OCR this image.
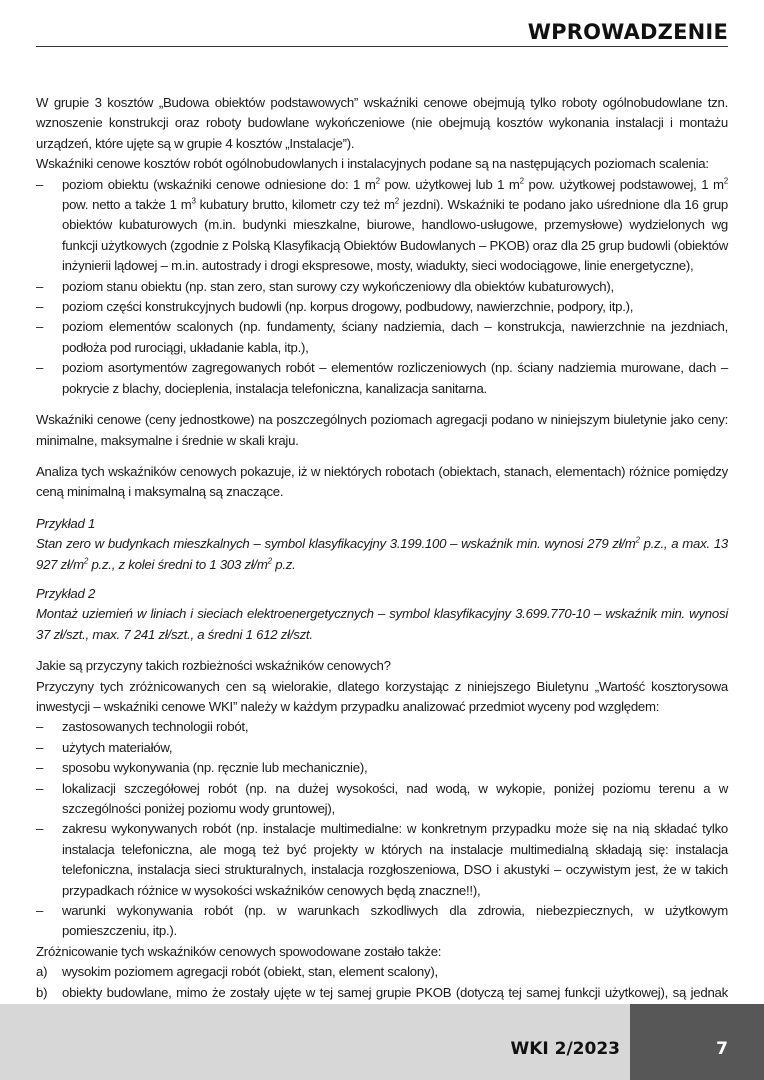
WPROWADZENIE

W grupie 3 kosztów „Budowa obiektów podstawowych” wskaźniki cenowe obejmują tylko roboty ogólnobudowlane tzn. wznoszenie konstrukcji oraz roboty budowlane wykończeniowe (nie obejmują kosztów wykonania instalacji i montażu urządzeń, które ujęte są w grupie 4 kosztów „Instalacje”).

Wskaźniki cenowe kosztów robót ogólnobudowlanych i instalacyjnych podane są na następujących poziomach scalenia:

– poziom obiektu (wskaźniki cenowe odniesione do: 1 $m^2$ pow. użytkowej lub 1 $m^2$ pow. użytkowej podstawowej, 1 $m^2$ pow. netto a także 1 $m^3$ kubatury brutto, kilometr czy też $m^2$ jezdni). Wskaźniki te podano jako uśrednione dla 16 grup obiektów kubaturowych (m.in. budynki mieszkalne, biurowe, handlowo-usługowe, przemysłowe) wydzielonych wg funkcji użytkowych (zgodnie z Polską Klasyfikacją Obiektów Budowlanych – PKOB) oraz dla 25 grup budowli (obiektów inżynierii lądowej – m.in. autostrady i drogi ekspresowe, mosty, wiadukty, sieci wodociągowe, linie energetyczne),
– poziom stanu obiektu (np. stan zero, stan surowy czy wykończeniowy dla obiektów kubaturowych),
– poziom części konstrukcyjnych budowli (np. korpus drogowy, podbudowy, nawierzchnie, podpory, itp.),
– poziom elementów scalonych (np. fundamenty, ściany nadziemia, dach – konstrukcja, nawierzchnie na jezdniach, podłoża pod rurociągi, układanie kabla, itp.),
– poziom asortymentów zagregowanych robót – elementów rozliczeniowych (np. ściany nadziemia murowane, dach – pokrycie z blachy, docieplenia, instalacja telefoniczna, kanalizacja sanitarna.

Wskaźniki cenowe (ceny jednostkowe) na poszczególnych poziomach agregacji podano w niniejszym biuletynie jako ceny: minimalne, maksymalne i średnie w skali kraju.

Analiza tych wskaźników cenowych pokazuje, iż w niektórych robotach (obiektach, stanach, elementach) różnice pomiędzy ceną minimalną i maksymalną są znaczące.

Przykład 1

Stan zero w budynkach mieszkalnych – symbol klasyfikacyjny 3.199.100 – wskaźnik min. wynosi 279 $zł/m^2$ p.z., a max. 13 927 $zł/m^2$ p.z., z kolei średni to 1 303 $zł/m^2$ p.z.

Przykład 2

Montaż uziemień w liniach i sieciach elektroenergetycznych – symbol klasyfikacyjny 3.699.770-10 – wskaźnik min. wynosi 37 zł/szt., max. 7 241 zł/szt., a średni 1 612 zł/szt.

Jakie są przyczyny takich rozbieżności wskaźników cenowych?

Przyczyny tych zróżnicowanych cen są wielorakie, dlatego korzystając z niniejszego Biuletynu „Wartość kosztorysowa inwestycji – wskaźniki cenowe WKI” należy w każdym przypadku analizować przedmiot wyceny pod względem:

– zastosowanych technologii robót,
– użytych materiałów,
– sposobu wykonywania (np. ręcznie lub mechanicznie),
– lokalizacji szczegółowej robót (np. na dużej wysokości, nad wodą, w wykopie, poniżej poziomu terenu a w szczególności poniżej poziomu wody gruntowej),
– zakresu wykonywanych robót (np. instalacje multimedialne: w konkretnym przypadku może się na nią składać tylko instalacja telefoniczna, ale mogą też być projekty w których na instalacje multimedialną składają się: instalacja telefoniczna, instalacja sieci strukturalnych, instalacja rozgłoszeniowa, DSO i akustyki – oczywistym jest, że w takich przypadkach różnice w wysokości wskaźników cenowych będą znaczne!!),
– warunki wykonywania robót (np. w warunkach szkodliwych dla zdrowia, niebezpiecznych, w użytkowym pomieszczeniu, itp.).

Zróżnicowanie tych wskaźników cenowych spowodowane zostało także:

a) wysokim poziomem agregacji robót (obiekt, stan, element scalony),
b) obiekty budowlane, mimo że zostały ujęte w tej samej grupie PKOB (dotyczą tej samej funkcji użytkowej), są jednak
WKI 2/2023	7
